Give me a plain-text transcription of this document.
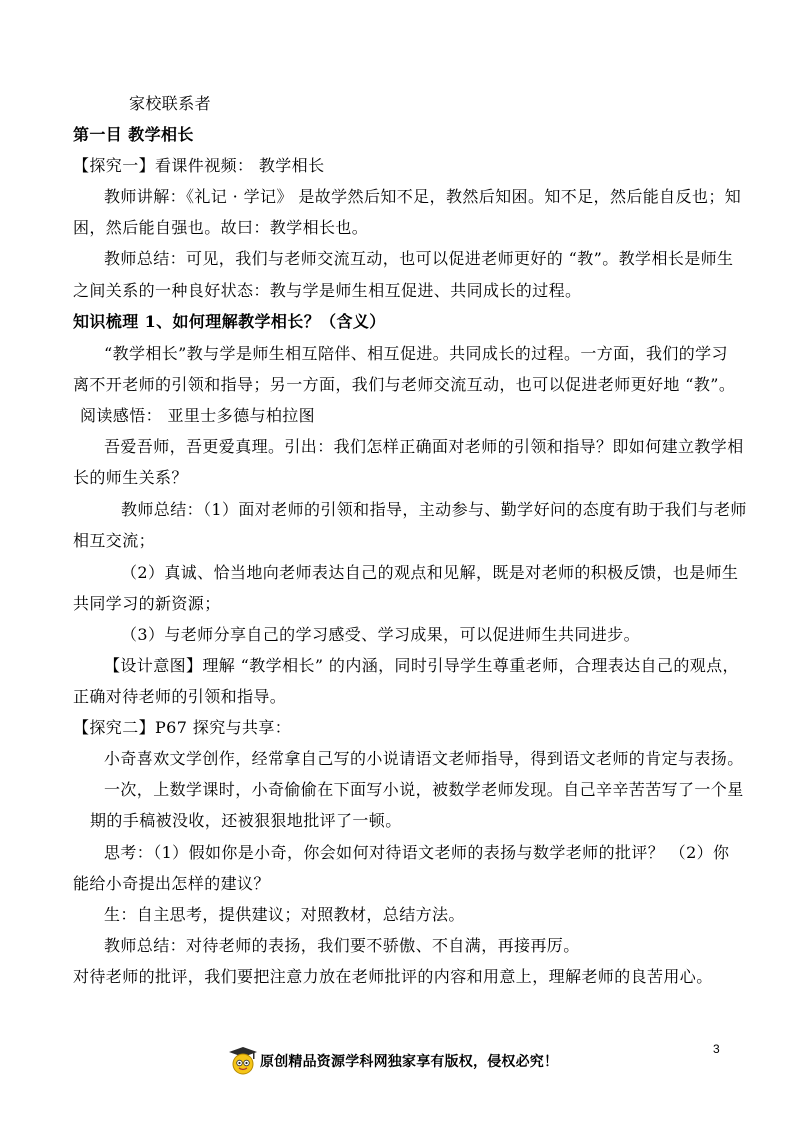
家校联系者
第一目 教学相长
【探究一】看课件视频： 教学相长
教师讲解：《礼记 · 学记》 是故学然后知不足，教然后知困。知不足，然后能自反也；知
困，然后能自强也。故曰：教学相长也。
教师总结：可见，我们与老师交流互动，也可以促进老师更好的 “教”。教学相长是师生
之间关系的一种良好状态：教与学是师生相互促进、共同成长的过程。
知识梳理 1、如何理解教学相长？（含义）
“教学相长”教与学是师生相互陪伴、相互促进。共同成长的过程。一方面，我们的学习
离不开老师的引领和指导；另一方面，我们与老师交流互动，也可以促进老师更好地 “教”。
阅读感悟： 亚里士多德与柏拉图
吾爱吾师，吾更爱真理。引出：我们怎样正确面对老师的引领和指导？即如何建立教学相
长的师生关系？
教师总结：（1）面对老师的引领和指导，主动参与、勤学好问的态度有助于我们与老师
相互交流；
（2）真诚、恰当地向老师表达自己的观点和见解，既是对老师的积极反馈，也是师生
共同学习的新资源；
（3）与老师分享自己的学习感受、学习成果，可以促进师生共同进步。
【设计意图】理解 “教学相长” 的内涵，同时引导学生尊重老师，合理表达自己的观点，
正确对待老师的引领和指导。
【探究二】P67 探究与共享：
小奇喜欢文学创作，经常拿自己写的小说请语文老师指导，得到语文老师的肯定与表扬。
一次，上数学课时，小奇偷偷在下面写小说，被数学老师发现。自己辛辛苦苦写了一个星
期的手稿被没收，还被狠狠地批评了一顿。
思考：（1）假如你是小奇，你会如何对待语文老师的表扬与数学老师的批评？ （2）你
能给小奇提出怎样的建议？
生：自主思考，提供建议；对照教材，总结方法。
教师总结：对待老师的表扬，我们要不骄傲、不自满，再接再厉。
对待老师的批评，我们要把注意力放在老师批评的内容和用意上，理解老师的良苦用心。
原创精品资源学科网独家享有版权，侵权必究！
3
